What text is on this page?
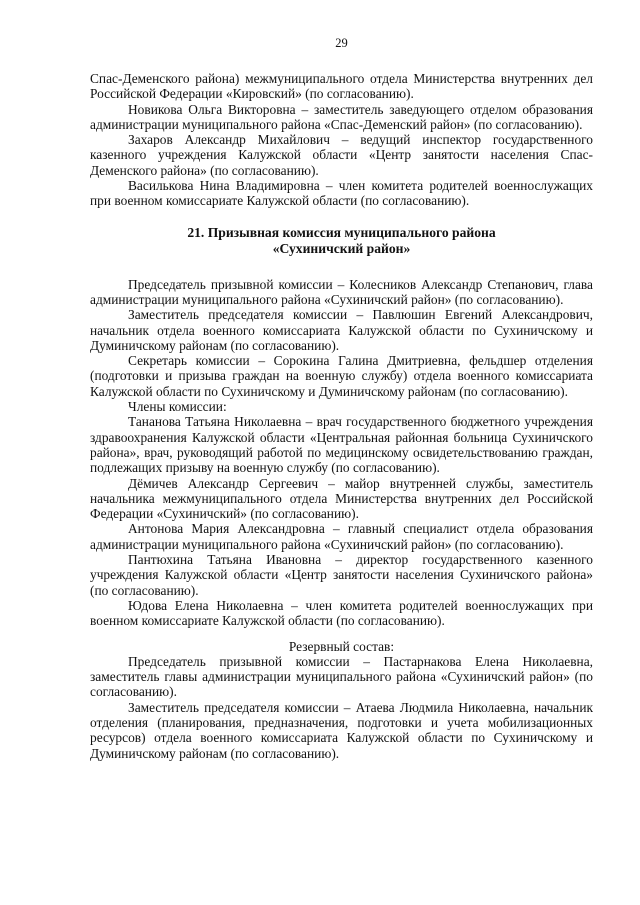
29

Спас-Деменского района) межмуниципального отдела Министерства внутренних дел Российской Федерации «Кировский» (по согласованию).

Новикова Ольга Викторовна – заместитель заведующего отделом образования администрации муниципального района «Спас-Деменский район» (по согласованию).

Захаров Александр Михайлович – ведущий инспектор государственного казенного учреждения Калужской области «Центр занятости населения Спас-Деменского района» (по согласованию).

Василькова Нина Владимировна – член комитета родителей военнослужащих при военном комиссариате Калужской области (по согласованию).

21. Призывная комиссия муниципального района
«Сухиничский район»

Председатель призывной комиссии – Колесников Александр Степанович, глава администрации муниципального района «Сухиничский район» (по согласованию).

Заместитель председателя комиссии – Павлюшин Евгений Александрович, начальник отдела военного комиссариата Калужской области по Сухиничскому и Думиничскому районам (по согласованию).

Секретарь комиссии – Сорокина Галина Дмитриевна, фельдшер отделения (подготовки и призыва граждан на военную службу) отдела военного комиссариата Калужской области по Сухиничскому и Думиничскому районам (по согласованию).

Члены комиссии:

Тананова Татьяна Николаевна – врач государственного бюджетного учреждения здравоохранения Калужской области «Центральная районная больница Сухиничского района», врач, руководящий работой по медицинскому освидетельствованию граждан, подлежащих призыву на военную службу (по согласованию).

Дёмичев Александр Сергеевич – майор внутренней службы, заместитель начальника межмуниципального отдела Министерства внутренних дел Российской Федерации «Сухиничский» (по согласованию).

Антонова Мария Александровна – главный специалист отдела образования администрации муниципального района «Сухиничский район» (по согласованию).

Пантюхина Татьяна Ивановна – директор государственного казенного учреждения Калужской области «Центр занятости населения Сухиничского района» (по согласованию).

Юдова Елена Николаевна – член комитета родителей военнослужащих при военном комиссариате Калужской области (по согласованию).

Резервный состав:

Председатель призывной комиссии – Пастарнакова Елена Николаевна, заместитель главы администрации муниципального района «Сухиничский район» (по согласованию).

Заместитель председателя комиссии – Атаева Людмила Николаевна, начальник отделения (планирования, предназначения, подготовки и учета мобилизационных ресурсов) отдела военного комиссариата Калужской области по Сухиничскому и Думиничскому районам (по согласованию).
